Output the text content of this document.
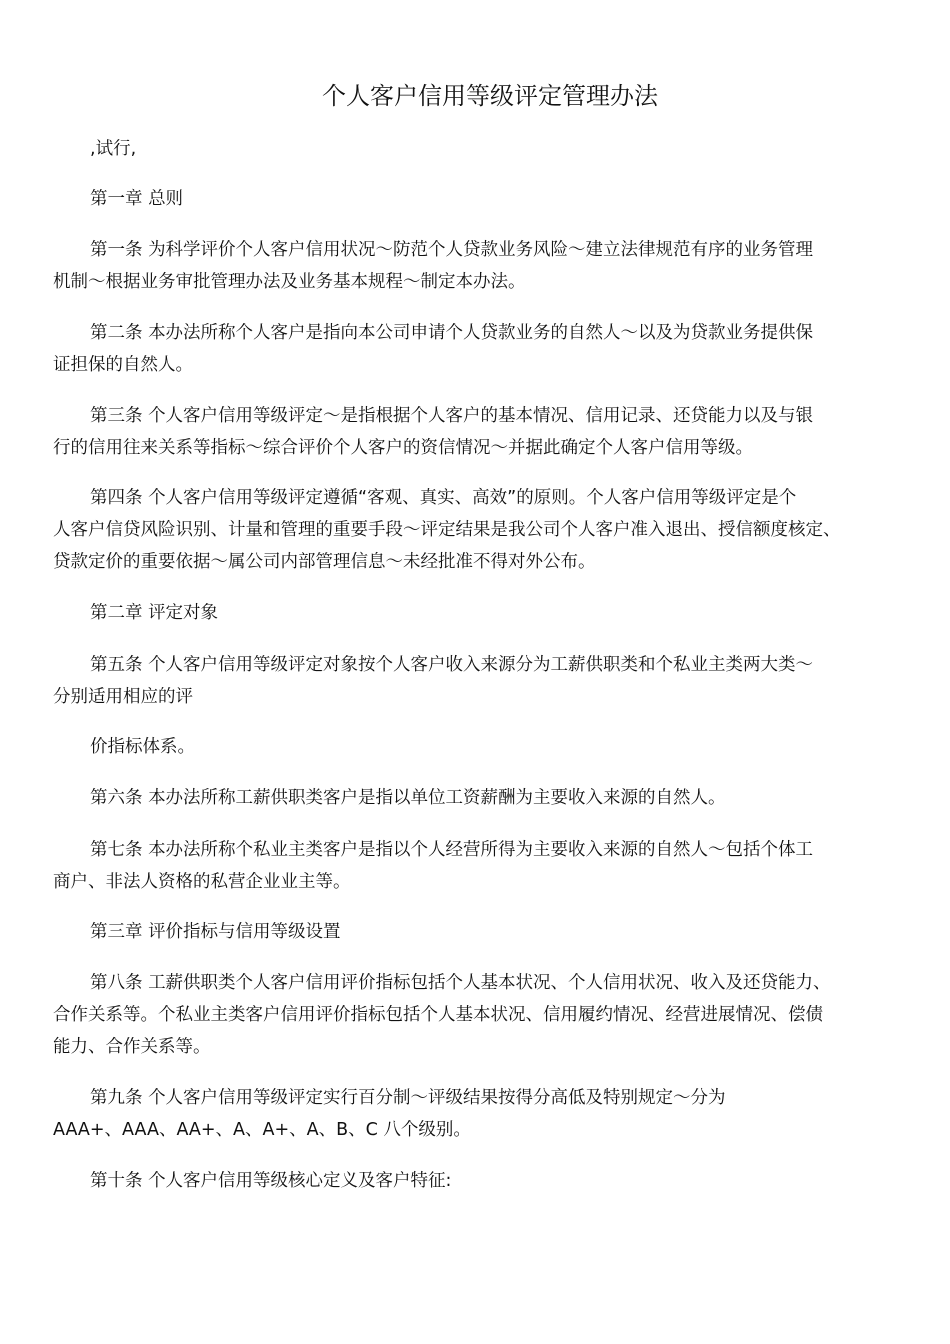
个人客户信用等级评定管理办法
,试行,
第一章 总则
第一条 为科学评价个人客户信用状况～防范个人贷款业务风险～建立法律规范有序的业务管理
机制～根据业务审批管理办法及业务基本规程～制定本办法。
第二条 本办法所称个人客户是指向本公司申请个人贷款业务的自然人～以及为贷款业务提供保
证担保的自然人。
第三条 个人客户信用等级评定～是指根据个人客户的基本情况、信用记录、还贷能力以及与银
行的信用往来关系等指标～综合评价个人客户的资信情况～并据此确定个人客户信用等级。
第四条 个人客户信用等级评定遵循“客观、真实、高效”的原则。个人客户信用等级评定是个
人客户信贷风险识别、计量和管理的重要手段～评定结果是我公司个人客户准入退出、授信额度核定、
贷款定价的重要依据～属公司内部管理信息～未经批准不得对外公布。
第二章 评定对象
第五条 个人客户信用等级评定对象按个人客户收入来源分为工薪供职类和个私业主类两大类～
分别适用相应的评
价指标体系。
第六条 本办法所称工薪供职类客户是指以单位工资薪酬为主要收入来源的自然人。
第七条 本办法所称个私业主类客户是指以个人经营所得为主要收入来源的自然人～包括个体工
商户、非法人资格的私营企业业主等。
第三章 评价指标与信用等级设置
第八条 工薪供职类个人客户信用评价指标包括个人基本状况、个人信用状况、收入及还贷能力、
合作关系等。个私业主类客户信用评价指标包括个人基本状况、信用履约情况、经营进展情况、偿债
能力、合作关系等。
第九条 个人客户信用等级评定实行百分制～评级结果按得分高低及特别规定～分为
AAA+、AAA、AA+、A、A+、A、B、C 八个级别。
第十条 个人客户信用等级核心定义及客户特征:
